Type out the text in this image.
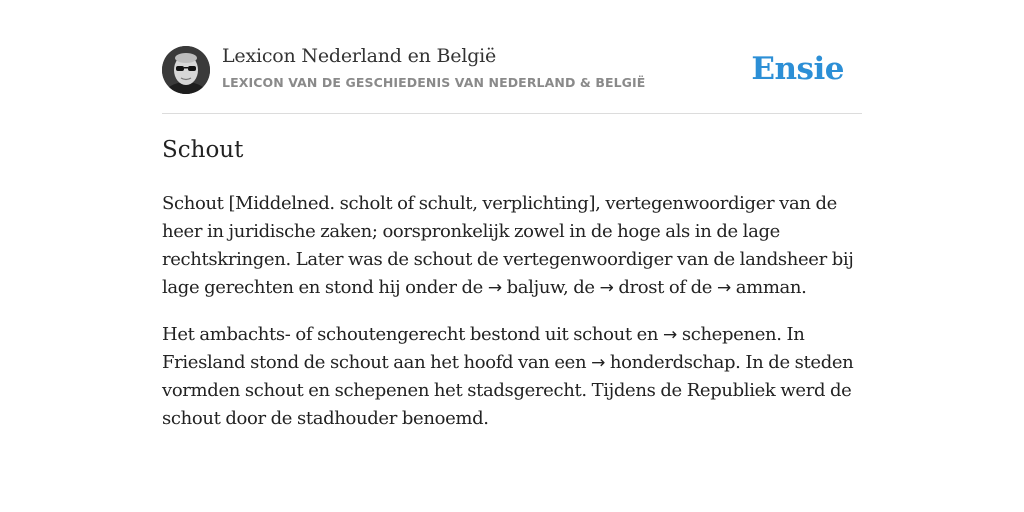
Lexicon Nederland en België
LEXICON VAN DE GESCHIEDENIS VAN NEDERLAND & BELGIË	Ensie
Schout

Schout [Middelned. scholt of schult, verplichting], vertegenwoordiger van de
heer in juridische zaken; oorspronkelijk zowel in de hoge als in de lage
rechtskringen. Later was de schout de vertegenwoordiger van de landsheer bij
lage gerechten en stond hij onder de → baljuw, de → drost of de → amman.

Het ambachts- of schoutengerecht bestond uit schout en → schepenen. In
Friesland stond de schout aan het hoofd van een → honderdschap. In de steden
vormden schout en schepenen het stadsgerecht. Tijdens de Republiek werd de
schout door de stadhouder benoemd.
